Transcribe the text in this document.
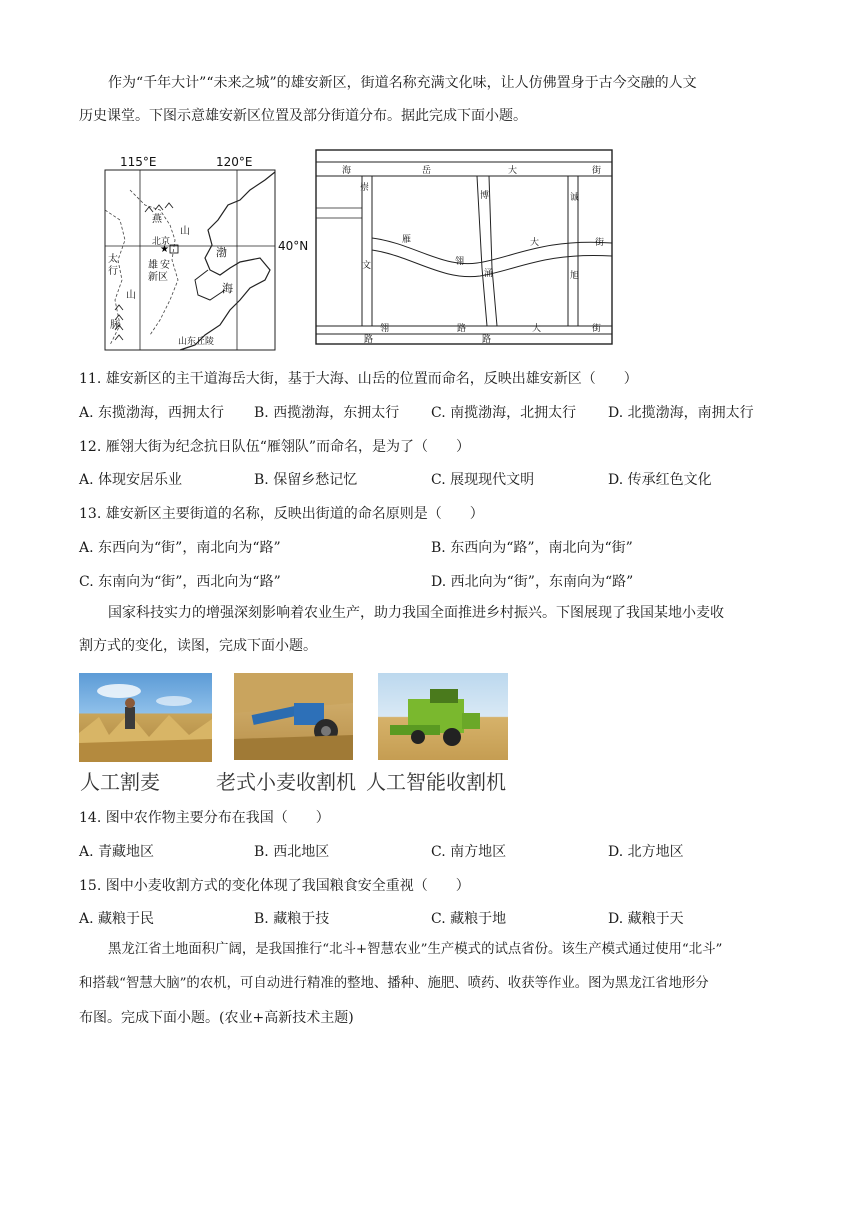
作为“千年大计”“未来之城”的雄安新区，街道名称充满文化味，让人仿佛置身于古今交融的人文
历史课堂。下图示意雄安新区位置及部分街道分布。据此完成下面小题。
115°E	120°E
40°N
★
燕
山
北京
太
行
山
脉
雄 安
新区
渤
海
山东丘陵
海	岳	大	街
崇
文
博
涌
诚
雁
翎
大	街
旭
翎	路	大	街
路
路
11. 雄安新区的主干道海岳大街，基于大海、山岳的位置而命名，反映出雄安新区（　　）
A. 东揽渤海，西拥太行 B. 西揽渤海，东拥太行 C. 南揽渤海，北拥太行 D. 北揽渤海，南拥太行
12. 雁翎大街为纪念抗日队伍“雁翎队”而命名，是为了（　　）
A. 体现安居乐业	B. 保留乡愁记忆	C. 展现现代文明	D. 传承红色文化
13. 雄安新区主要街道的名称，反映出街道的命名原则是（　　）
A. 东西向为“街”，南北向为“路”	B. 东西向为“路”，南北向为“街”
C. 东南向为“街”，西北向为“路”	D. 西北向为“街”，东南向为“路”
国家科技实力的增强深刻影响着农业生产，助力我国全面推进乡村振兴。下图展现了我国某地小麦收
割方式的变化，读图，完成下面小题。
人工割麦	老式小麦收割机 人工智能收割机
14. 图中农作物主要分布在我国（　　）
A. 青藏地区	B. 西北地区	C. 南方地区	D. 北方地区
15. 图中小麦收割方式的变化体现了我国粮食安全重视（　　）
A. 藏粮于民	B. 藏粮于技	C. 藏粮于地	D. 藏粮于天
黑龙江省土地面积广阔，是我国推行“北斗+智慧农业”生产模式的试点省份。该生产模式通过使用“北斗”
和搭载“智慧大脑”的农机，可自动进行精准的整地、播种、施肥、喷药、收获等作业。图为黑龙江省地形分
布图。完成下面小题。(农业+高新技术主题)
